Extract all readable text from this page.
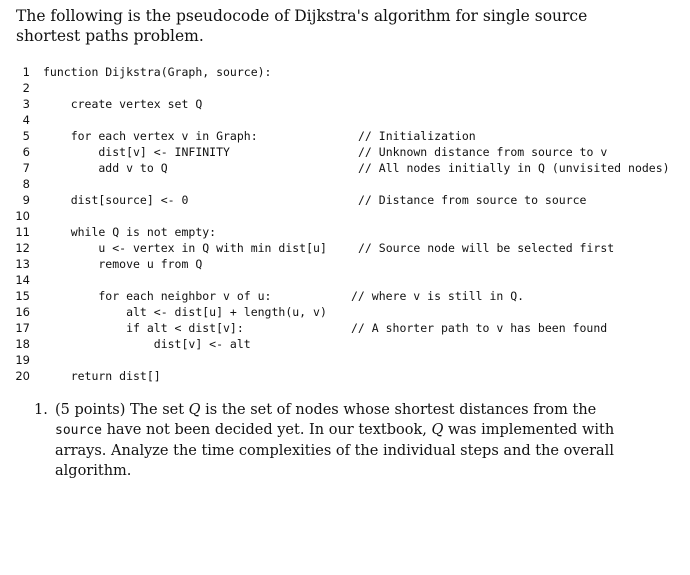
The following is the pseudocode of Dijkstra's algorithm for single source shortest paths problem.

1 function Dijkstra(Graph, source):
2
3 create vertex set Q
4
5 for each vertex v in Graph:	// Initialization
6 dist[v] <- INFINITY	// Unknown distance from source to v
7 add v to Q	// All nodes initially in Q (unvisited nodes)
8
9 dist[source] <- 0	// Distance from source to source
10
11 while Q is not empty:
12 u <- vertex in Q with min dist[u]	// Source node will be selected first
13 remove u from Q
14
15 for each neighbor v of u:	// where v is still in Q.
16 alt <- dist[u] + length(u, v)
17 if alt < dist[v]:	// A shorter path to v has been found
18 dist[v] <- alt
19
20 return dist[]
1. (5 points) The set Q is the set of nodes whose shortest distances from the source have not been decided yet. In our textbook, Q was implemented with arrays. Analyze the time complexities of the individual steps and the overall algorithm.
